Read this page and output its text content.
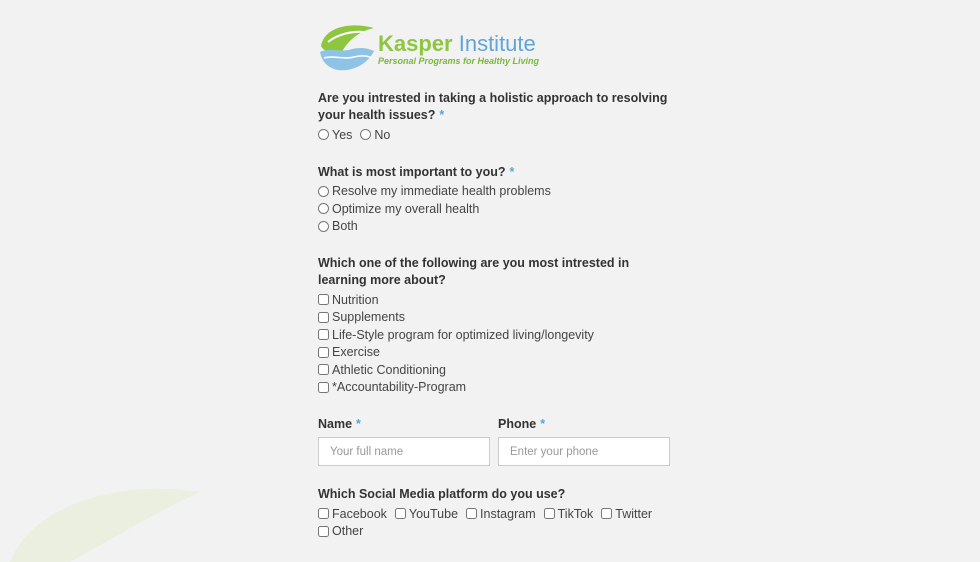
Kasper Institute
Personal Programs for Healthy Living
Are you intrested in taking a holistic approach to resolving your health issues? *
Yes No
What is most important to you? *
Resolve my immediate health problems
Optimize my overall health
Both
Which one of the following are you most intrested in learning more about?
Nutrition
Supplements
Life-Style program for optimized living/longevity
Exercise
Athletic Conditioning
*Accountability-Program
Name *
Your full name	Phone *
Enter your phone
Which Social Media platform do you use?
Facebook YouTube Instagram TikTok Twitter
Other
